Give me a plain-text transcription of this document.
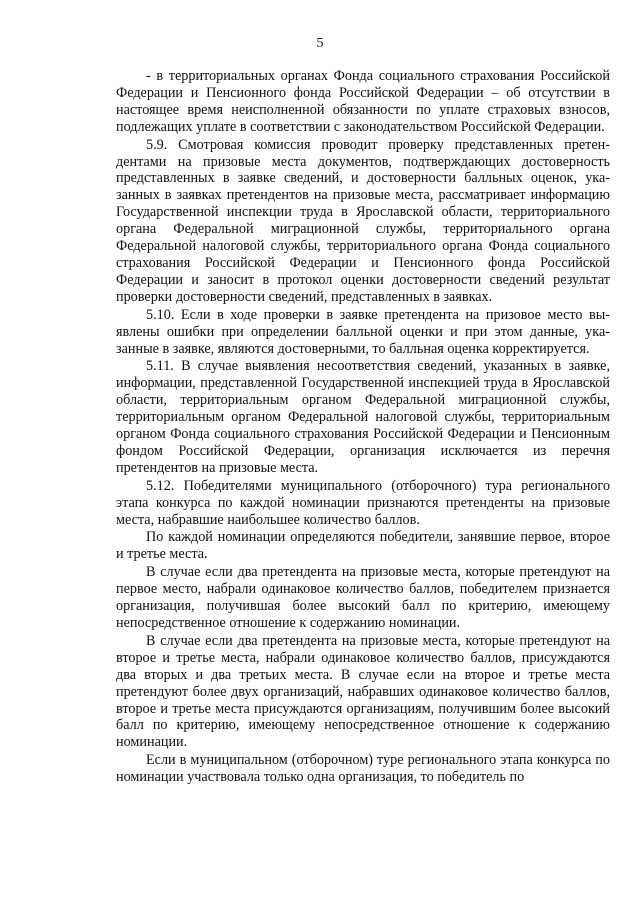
5

- в территориальных органах Фонда социального страхования Российской Федерации и Пенсионного фонда Российской Федерации – об отсутствии в настоящее время неисполненной обязанности по уплате страховых взносов, подлежащих уплате в соответствии с законодательством Российской Федерации.

5.9. Смотровая комиссия проводит проверку представленных претендентами на призовые места документов, подтверждающих достоверность представленных в заявке сведений, и достоверности балльных оценок, указанных в заявках претендентов на призовые места, рассматривает информацию Государственной инспекции труда в Ярославской области, территориального органа Федеральной миграционной службы, территориального органа Федеральной налоговой службы, территориального органа Фонда социального страхования Российской Федерации и Пенсионного фонда Российской Федерации и заносит в протокол оценки достоверности сведений результат проверки достоверности сведений, представленных в заявках.

5.10. Если в ходе проверки в заявке претендента на призовое место выявлены ошибки при определении балльной оценки и при этом данные, указанные в заявке, являются достоверными, то балльная оценка корректируется.

5.11. В случае выявления несоответствия сведений, указанных в заявке, информации, представленной Государственной инспекцией труда в Ярославской области, территориальным органом Федеральной миграционной службы, территориальным органом Федеральной налоговой службы, территориальным органом Фонда социального страхования Российской Федерации и Пенсионным фондом Российской Федерации, организация исключается из перечня претендентов на призовые места.

5.12. Победителями муниципального (отборочного) тура регионального этапа конкурса по каждой номинации признаются претенденты на призовые места, набравшие наибольшее количество баллов.

По каждой номинации определяются победители, занявшие первое, второе и третье места.

В случае если два претендента на призовые места, которые претендуют на первое место, набрали одинаковое количество баллов, победителем признается организация, получившая более высокий балл по критерию, имеющему непосредственное отношение к содержанию номинации.

В случае если два претендента на призовые места, которые претендуют на второе и третье места, набрали одинаковое количество баллов, присуждаются два вторых и два третьих места. В случае если на второе и третье места претендуют более двух организаций, набравших одинаковое количество баллов, второе и третье места присуждаются организациям, получившим более высокий балл по критерию, имеющему непосредственное отношение к содержанию номинации.

Если в муниципальном (отборочном) туре регионального этапа конкурса по номинации участвовала только одна организация, то победитель по
